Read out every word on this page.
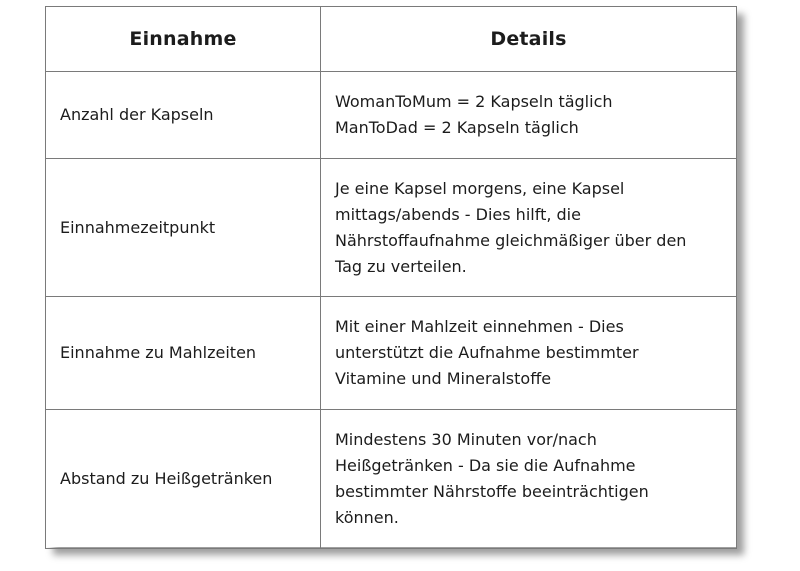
Einnahme	Details
Anzahl der Kapseln	WomanToMum = 2 Kapseln täglich
ManToDad = 2 Kapseln täglich

Einnahmezeitpunkt	Je eine Kapsel morgens, eine Kapsel
mittags/abends - Dies hilft, die
Nährstoffaufnahme gleichmäßiger über den
Tag zu verteilen.

Einnahme zu Mahlzeiten	Mit einer Mahlzeit einnehmen - Dies
unterstützt die Aufnahme bestimmter
Vitamine und Mineralstoffe

Abstand zu Heißgetränken	Mindestens 30 Minuten vor/nach
Heißgetränken - Da sie die Aufnahme
bestimmter Nährstoffe beeinträchtigen
können.
